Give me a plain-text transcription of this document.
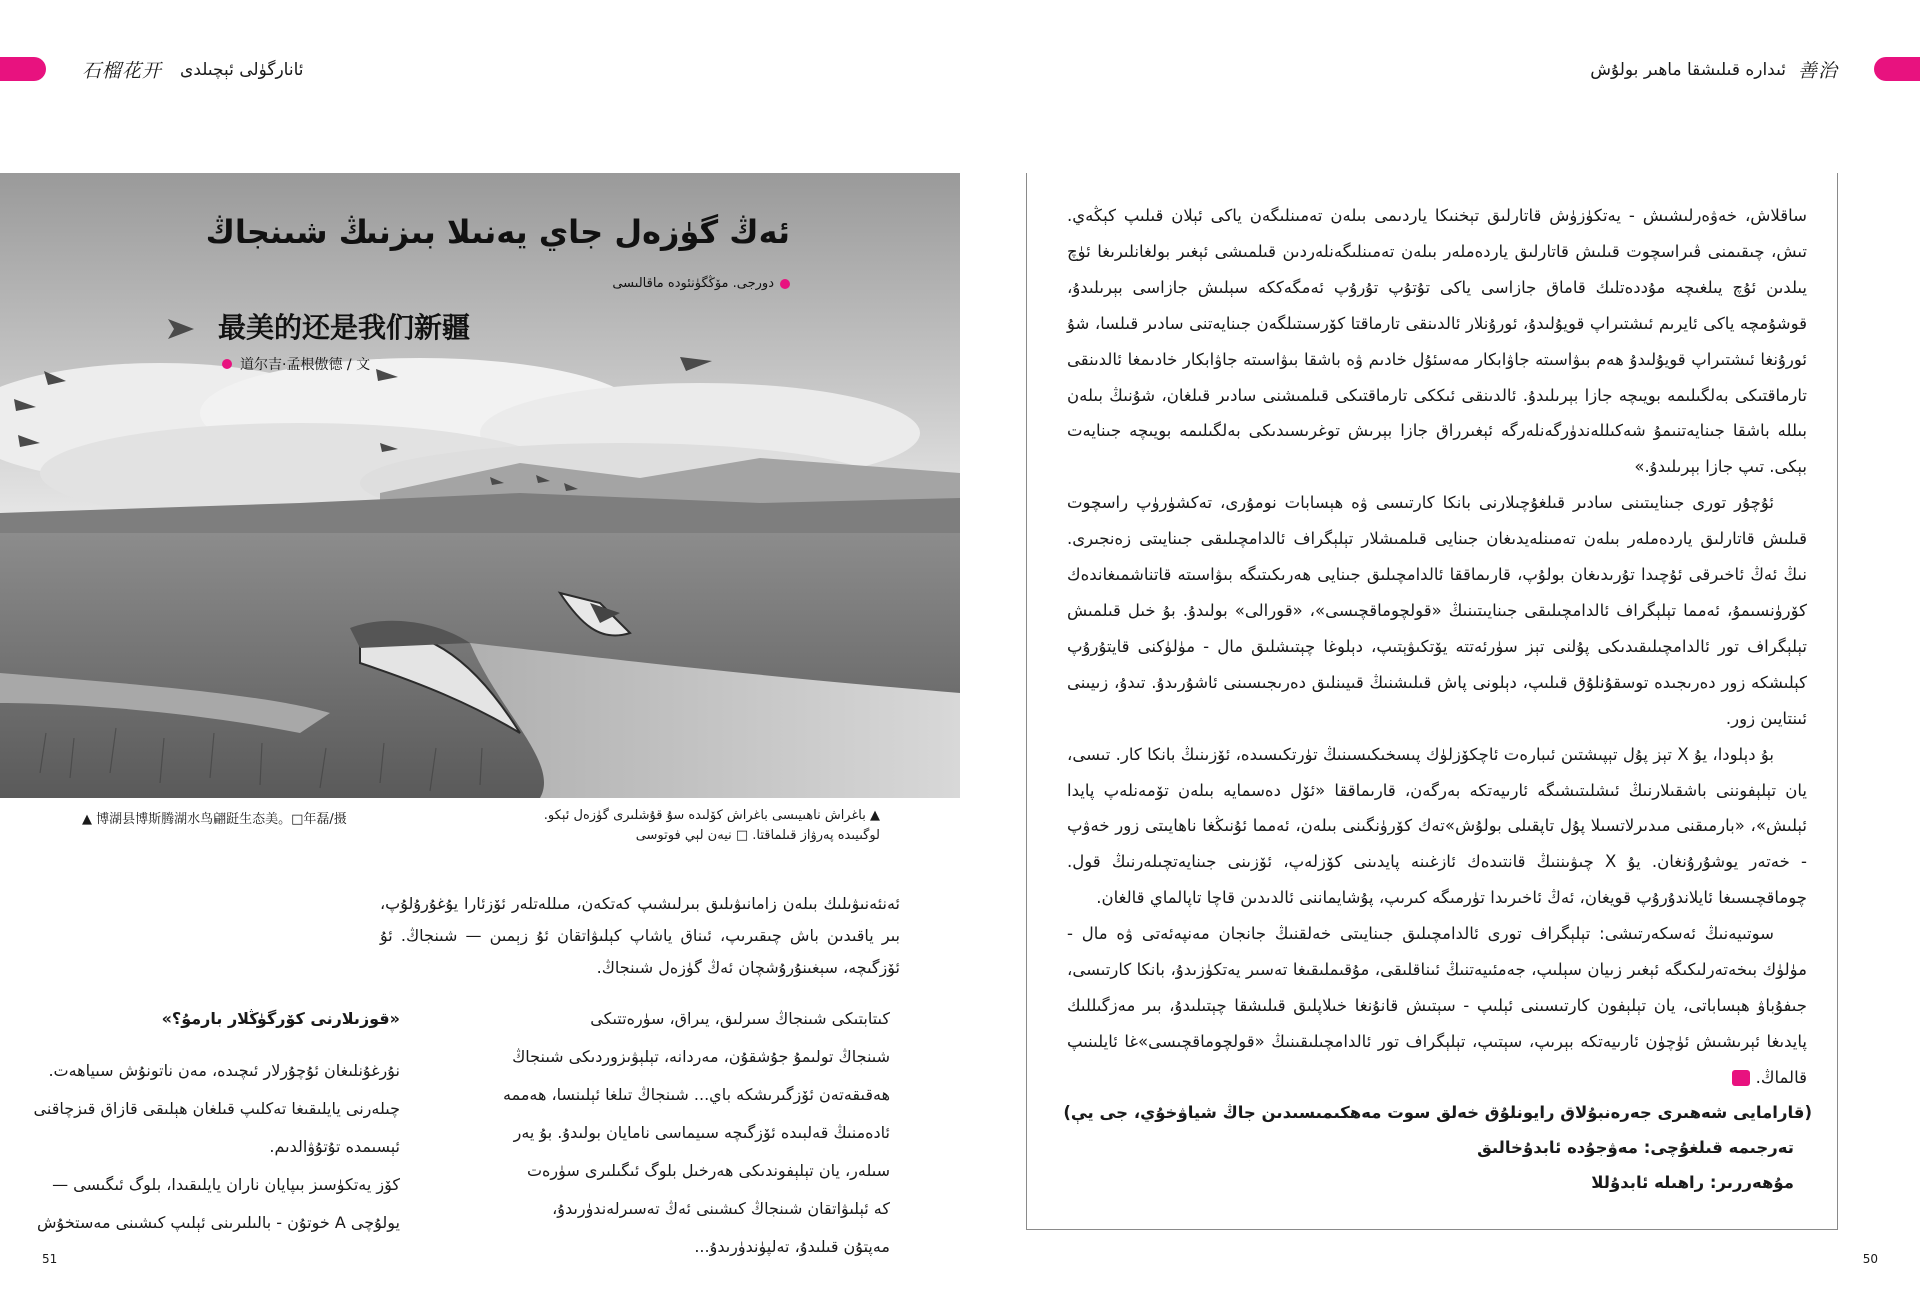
石榴花开 ئانارگۈلى ئېچىلدى	ئىدارە قىلىشقا ماھىر بولۇش 善治
ئەڭ گۈزەل جاي يەنىلا بىزنىڭ شىنجاڭ
دورجى. مۆڭگۈنئودە ماقالىسى
最美的还是我们新疆
道尔吉·孟根傲德 / 文
▲ 博湖县博斯腾湖水鸟翩跹生态美。□年磊/摄	▲ باغراش ناھىيىسى باغراش كۆلىدە سۇ قۇشلىرى گۈزەل ئېكو.
لوگىيىدە پەرۋاز قىلماقتا. □ نيەن لېي فوتوسى
ئەنئەنىۋىلىك بىلەن زامانىۋىلىق بىرلىشىپ كەتكەن، مىللەتلەر ئۆزئارا يۇغۇرۇلۇپ، بىر ياقىدىن باش چىقىرىپ، ئىناق ياشاپ كېلىۋاتقان ئۇ زېمىن — شىنجاڭ. ئۇ ئۆزگىچە، سېغىنۇرۇشچان ئەڭ گۈزەل شىنجاڭ.
كىتابتىكى شىنجاڭ سىرلىق، يىراق، سۈرەتتىكى
شىنجاڭ تولىمۇ جۇشقۇن، مەردانە، تېلېۋىزوردىكى شىنجاڭ
ھەقىقەتەن ئۆزگىرىشكە باي... شىنجاڭ تىلغا ئېلىنسا، ھەممە
ئادەمنىڭ قەلبىدە ئۆزگىچە سىيماسى نامايان بولىدۇ. بۇ يەر
سىلەر، يان تېلېفوندىكى ھەرخىل بلوگ ئىگىلىرى سۈرەت
كە ئېلىۋاتقان شىنجاڭ كىشىنى ئەڭ تەسىرلەندۈرىدۇ،
مەپتۇن قىلىدۇ، تەلپۈندۈرىدۇ...
«قوزىلارنى كۆرگۈڭلار بارمۇ؟»
نۇرغۇنلىغان ئۇچۇرلار ئىچىدە، مەن ناتونۇش سىياھەت.
چىلەرنى يايلىقىغا تەكلىپ قىلغان ھېلىقى قازاق قىزچاقنى
ئېسىمدە تۇتۇۋالدىم.
كۆز يەتكۈسىز بىپايان ناران يايلىقىدا، بلوگ ئىگىسى —
يولۇچى A خوتۇن - بالىلىرىنى ئېلىپ كىشىنى مەستخۇش

ساقلاش، خەۋەرلىشىش - يەتكۈزۈش قاتارلىق تېخنىكا ياردىمى بىلەن تەمىنلىگەن ياكى ئېلان قىلىپ كېڭەي. تىش، چىقىمنى ڤىراسچوت قىلىش قاتارلىق ياردەملەر بىلەن تەمىنلىگەنلەردىن قىلمىشى ئېغىر بولغانلىرىغا ئۈچ يىلدىن ئۇچ يىلغىچە مۇددەتلىك قاماق جازاسى ياكى تۇتۇپ تۇرۇپ ئەمگەككە سېلىش جازاسى بېرىلىدۇ، قوشۇمچە ياكى ئايرىم ئىشتىراپ قويۇلىدۇ، ئورۇنلار ئالدىنقى تارماقتا كۆرسىتىلگەن جىنايەتنى سادىر قىلسا، شۇ ئورۇنغا ئىشتىراپ قويۇلىدۇ ھەم بىۋاسىتە جاۋابكار مەسئۇل خادىم ۋە باشقا بىۋاسىتە جاۋابكار خادىمغا ئالدىنقى تارماقتىكى بەلگىلىمە بويىچە جازا بېرىلىدۇ. ئالدىنقى ئىككى تارماقتىكى قىلمىشنى سادىر قىلغان، شۇنىڭ بىلەن بىللە باشقا جىنايەتنىمۇ شەكىللەندۈرگەنلەرگە ئېغىرراق جازا بېرىش توغرىسىدىكى بەلگىلىمە بويىچە جىنايەت بېكى. تىپ جازا بېرىلىدۇ.»

ئۇچۇر تورى جىنايىتىنى سادىر قىلغۇچىلارنى بانكا كارتىسى ۋە ھېسابات نومۇرى، تەكشۈرۈپ راسچوت قىلىش قاتارلىق ياردەملەر بىلەن تەمىنلەيدىغان جىنايى قىلمىشلار تېلېگراف ئالدامچىلىقى جىنايىتى زەنجىرى. نىڭ ئەڭ ئاخىرقى ئۇچىدا تۇرىدىغان بولۇپ، قارىماققا ئالدامچىلىق جىنايى ھەرىكىتىگە بىۋاسىتە قاتناشمىغاندەك كۆرۈنسىمۇ، ئەمما تېلېگراف ئالدامچىلىقى جىنايىتىنىڭ «قولچوماقچىسى»، «قورالى» بولىدۇ. بۇ خىل قىلمىش تېلېگراف تور ئالدامچىلىقىدىكى پۇلنى تېز سۈرئەتتە يۆتكىۋېتىپ، دېلوغا چېتىشلىق مال - مۈلۈكنى قايتۇرۇپ كېلىشكە زور دەرىجىدە توسقۇنلۇق قىلىپ، دېلونى پاش قىلىشنىڭ قىيىنلىق دەرىجىسىنى ئاشۇرىدۇ. تىدۇ، زىيىنى ئىنتايىن زور.

بۇ دېلودا، يۇ X تېز پۇل تېپىشتىن ئىبارەت ئاچكۆزلۈك پىسخىكىسىنىڭ تۈرتكىسىدە، ئۆزىنىڭ بانكا كار. تىسى، يان تېلېفوننى باشقىلارنىڭ ئىشلىتىشىگە ئارىيەتكە بەرگەن، قارىماققا «ئۆل دەسمايە بىلەن تۆمەنلەپ پايدا ئېلىش»، «بارمىقنى مىدىرلاتسىلا پۇل تاپقىلى بولۇش»تەك كۆرۈنگىنى بىلەن، ئەمما ئۇنىڭغا ناھايىتى زور خەۋپ - خەتەر يوشۇرۇنغان. يۇ X چىۋىننىڭ قانتىدەك ئازغىنە پايدىنى كۆزلەپ، ئۆزىنى جىنايەتچىلەرنىڭ قول. چوماقچىسىغا ئايلاندۇرۇپ قويغان، ئەڭ ئاخىرىدا تۈرمىگە كىرىپ، پۇشايماننى ئالدىدىن قاچا تاپالماي قالغان.

سوتىيەنىڭ ئەسكەرتىشى: تېلېگراف تورى ئالدامچىلىق جىنايىتى خەلقنىڭ جانجان مەنپەئەتى ۋە مال - مۈلۈك بىخەتەرلىكىگە ئېغىر زىيان سېلىپ، جەمئىيەتنىڭ ئىناقلىقى، مۇقىملىقىغا تەسىر يەتكۈزىدۇ، بانكا كارتىسى، جىفۇباۋ ھېساباتى، يان تېلېفون كارتىسىنى ئېلىپ - سېتىش قانۇنغا خىلاپلىق قىلىشقا چېتىلىدۇ، بىر مەزگىللىك پايدىغا ئېرىشىش ئۈچۈن ئارىيەتكە بېرىپ، سېتىپ، تېلېگراف تور ئالدامچىلىقىنىڭ «قولچوماقچىسى»غا ئايلىنىپ قالماڭ.

(قارامايى شەھىرى جەرەنبۇلاق رايونلۇق خەلق سوت مەھكىمىسىدىن جاڭ شياۋخۇي، جى يې)
تەرجىمە قىلغۇچى: مەۋجۇدە ئابدۇخالىق
مۇھەررىر: راھىلە ئابدۇللا
51	50
